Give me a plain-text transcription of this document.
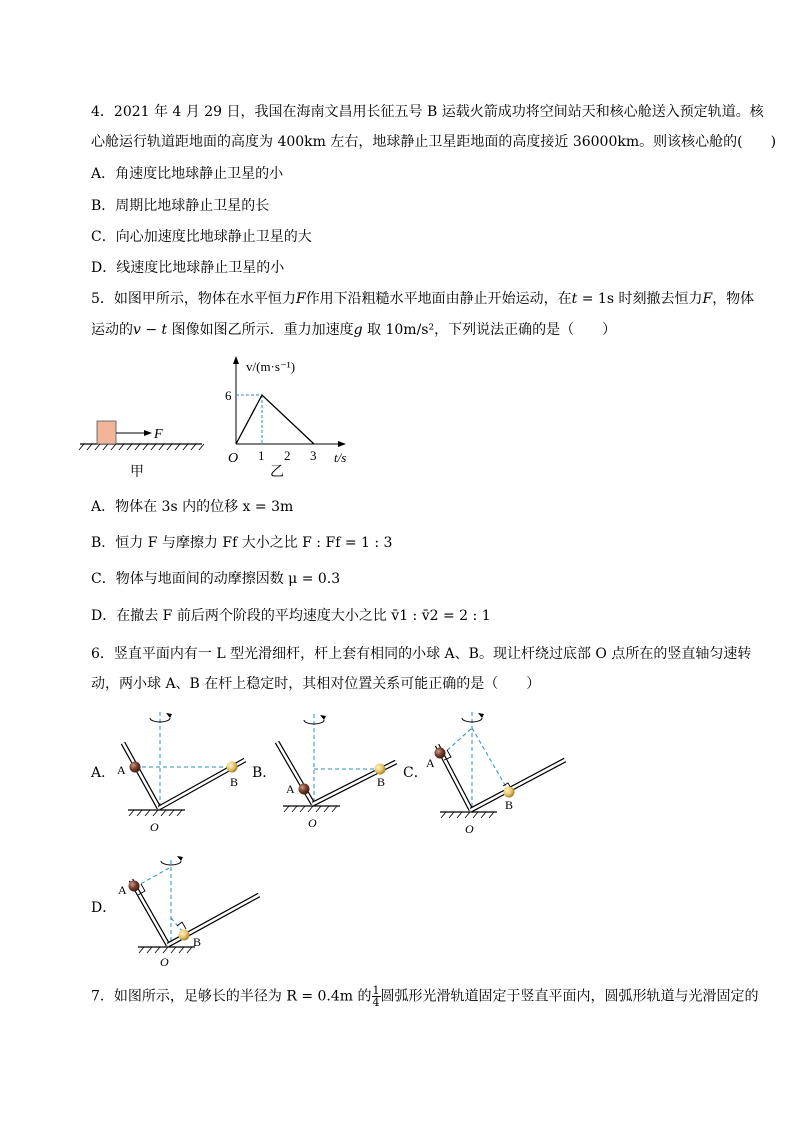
4．2021 年 4 月 29 日，我国在海南文昌用长征五号 B 运载火箭成功将空间站天和核心舱送入预定轨道。核
心舱运行轨道距地面的高度为 400km 左右，地球静止卫星距地面的高度接近 36000km。则该核心舱的(　　)
A．角速度比地球静止卫星的小
B．周期比地球静止卫星的长
C．向心加速度比地球静止卫星的大
D．线速度比地球静止卫星的小
5．如图甲所示，物体在水平恒力F作用下沿粗糙水平地面由静止开始运动，在t = 1s 时刻撤去恒力F，物体
运动的v − t 图像如图乙所示．重力加速度g 取 10m/s²，下列说法正确的是（　　）
F
甲
v/(m·s⁻¹)
6
O 1 2 3 t/s
乙
A．物体在 3s 内的位移 x = 3m
B．恒力 F 与摩擦力 Ff 大小之比 F : Ff = 1 : 3
C．物体与地面间的动摩擦因数 μ = 0.3
D．在撤去 F 前后两个阶段的平均速度大小之比 v̄1 : v̄2 = 2 : 1
6．竖直平面内有一 L 型光滑细杆，杆上套有相同的小球 A、B。现让杆绕过底部 O 点所在的竖直轴匀速转
动，两小球 A、B 在杆上稳定时，其相对位置关系可能正确的是（　　）
A．	B．	C．
D．
A
B
O
A	B
O
A
B
O
A
B
O
7．如图所示，足够长的半径为 R = 0.4m 的 $\frac{1}{4}$ 圆弧形光滑轨道固定于竖直平面内，圆弧形轨道与光滑固定的
